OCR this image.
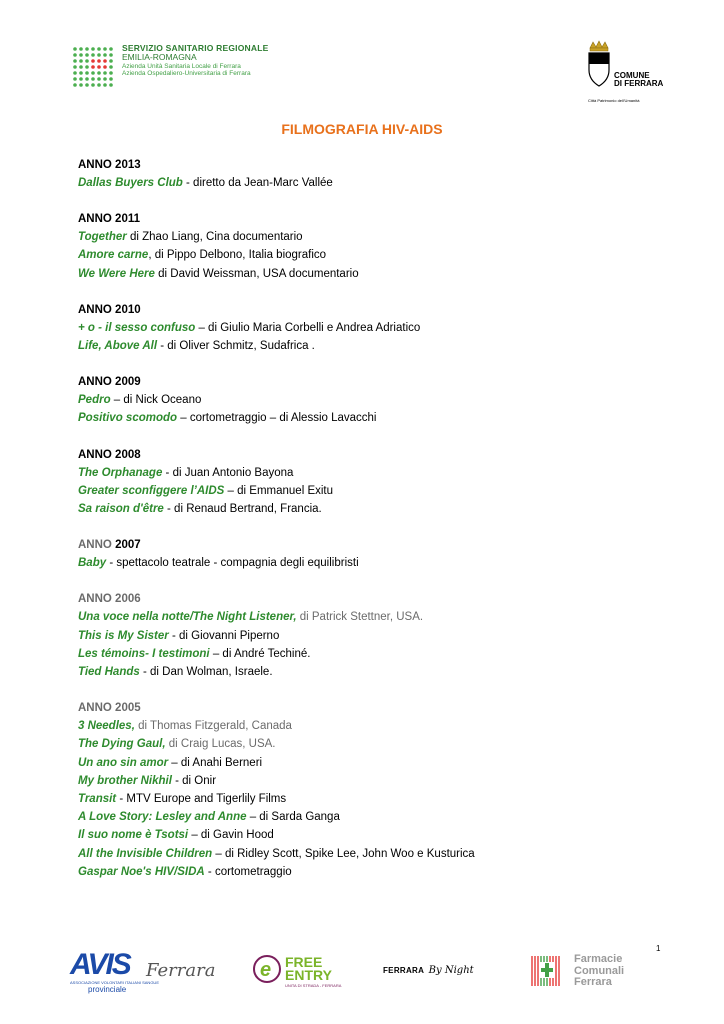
SERVIZIO SANITARIO REGIONALE
EMILIA-ROMAGNA
Azienda Unità Sanitaria Locale di Ferrara
Azienda Ospedaliero-Universitaria di Ferrara	COMUNE
DI FERRARA
Città Patrimonio dell'Umanità
FILMOGRAFIA HIV-AIDS
ANNO 2013
Dallas Buyers Club - diretto da Jean-Marc Vallée
ANNO 2011
Together di Zhao Liang, Cina documentario
Amore carne, di Pippo Delbono, Italia biografico
We Were Here di David Weissman, USA documentario
ANNO 2010
+ o - il sesso confuso – di Giulio Maria Corbelli e Andrea Adriatico
Life, Above All - di Oliver Schmitz, Sudafrica .
ANNO 2009
Pedro – di Nick Oceano
Positivo scomodo – cortometraggio – di Alessio Lavacchi
ANNO 2008
The Orphanage - di Juan Antonio Bayona
Greater sconfiggere l’AIDS – di Emmanuel Exitu
Sa raison d'être - di Renaud Bertrand, Francia.
ANNO 2007
Baby - spettacolo teatrale - compagnia degli equilibristi
ANNO 2006
Una voce nella notte/The Night Listener, di Patrick Stettner, USA.
This is My Sister - di Giovanni Piperno
Les témoins- I testimoni – di André Techiné.
Tied Hands - di Dan Wolman, Israele.
ANNO 2005
3 Needles, di Thomas Fitzgerald, Canada
The Dying Gaul, di Craig Lucas, USA.
Un ano sin amor – di Anahi Berneri
My brother Nikhil - di Onir
Transit - MTV Europe and Tigerlily Films
A Love Story: Lesley and Anne – di Sarda Ganga
Il suo nome è Tsotsi – di Gavin Hood
All the Invisible Children – di Ridley Scott, Spike Lee, John Woo e Kusturica
Gaspar Noe's HIV/SIDA - cortometraggio
1
AVIS Ferrara
ASSOCIAZIONE VOLONTARI ITALIANI SANGUE
provinciale
e FREE
ENTRY
UNITA DI STRADA - FERRARA
FERRARA By Night
Farmacie
Comunali
Ferrara
